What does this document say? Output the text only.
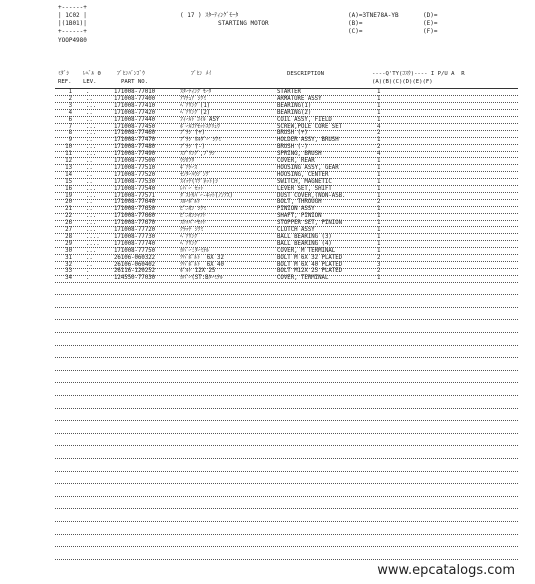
+------+
| 1C02 |
|(1B01)|
+------+
YOOP4980
( 17 ) ｽﾀｰﾃｨﾝｸﾞﾓｰﾀ
STARTING MOTOR
(A)=3TNE78A-YB
(B)=
(C)=
(D)=
(E)=
(F)=
ﾐﾀﾞｼ
REF.
ﾚﾍﾞﾙ 0
LEV.
ﾌﾞﾋﾝﾊﾞﾝｺﾞｳ
PART NO.
ﾌﾞﾋﾝ ﾒｲ	DESCRIPTION	----Q'TY(ｺｽｳ)---- I P/U A  R
(A)(B)(C)(D)(E)(F)
1 .	171008-77010	ｽﾀｰﾃｨﾝｸﾞﾓｰﾀ	STARTER	1
2 ..	171008-77400	ｱﾏﾁｭｱ ｼｸﾐ	ARMATURE ASSY	1
3 ...	171008-77410	ﾍﾞｱﾘﾝｸﾞ(1)	BEARING(1)	1
4 ..	171008-77420	ﾍﾞｱﾘﾝｸﾞ(2)	BEARING(2)	1
6 ..	171008-77440	ﾌｨｰﾙﾄﾞｺｲﾙ ASY	COIL ASSY, FIELD	1
7 ...	171008-77450	ﾎﾞｰﾙｺｱｾｯﾄｽｸﾘｭｳ	SCREW,POLE CORE SET	4
8 ...	171008-77460	ﾌﾞﾗｼ (+)	BRUSH (+)	2
9 ..	171008-77470	ﾌﾞﾗｼ ﾎﾙﾀﾞｰ ｼｸﾐ	HOLDER ASSY, BRUSH	1
10 ...	171008-77480	ﾌﾞﾗｼ (-)	BRUSH (-)	2
11 ...	171008-77490	ｽﾌﾟﾘﾝｸﾞ,ﾌﾞﾗｼ	SPRING, BRUSH	4
12 ..	171008-77500	ｳｼﾛﾌﾀ	COVER, REAR	1
13 ..	171008-77510	ｷﾞｱｹｰｽ	HOUSING ASSY, GEAR	1
14 ..	171008-77520	ｾﾝﾀｰﾊｳｼﾞﾝｸﾞ	HOUSING, CENTER	1
15 ..	171008-77530	ｽｲｯﾁ(ﾏｸﾞﾈｯﾄ)ｼ	SWITCH, MAGNETIC	1
16 ...	171008-77540	ﾚﾊﾞｰ ｾｯﾄ	LEVER SET, SHIFT	1
19 ...	171008-77571	ﾀﾞｽﾄｶﾊﾞｰ-ｷｯﾄ(ﾉﾝｱｽ)	DUST COVER,(NON-ASB.	1
20 ..	171008-77640	ｽﾙｰﾎﾞﾙﾄ	BOLT, THROUGH	2
21 ..	171008-77650	ﾋﾟﾆｵﾝ ｼｸﾐ	PINION ASSY	1
22 ...	171008-77660	ﾋﾟﾆｵﾝｼｬﾌﾄ	SHAFT, PINION	1
26 ...	171008-77670	ｽﾄｯﾊﾟｰｾｯﾄ	STOPPER SET, PINION	1
27 ...	171008-77720	ｸﾗｯﾁ ｼｸﾐ	CLUTCH ASSY	1
28 ....	171008-77730	ﾍﾞｱﾘﾝｸﾞ	BALL BEARING (3)	1
29 ....	171008-77740	ﾍﾞｱﾘﾝｸﾞ	BALL BEARING (4)	1
30 ...	171008-77750	ｶﾊﾞｰ:ﾀｰﾐﾅﾙ	COVER, M TERMINAL	1
31 ..	26106-060322	ﾂﾊﾞﾎﾞﾙﾄ  6X 32	BOLT M 6X 32 PLATED	2
32 ..	26106-060402	ﾂﾊﾞﾎﾞﾙﾄ  6X 40	BOLT M 6X 40 PLATED	3
33 .	26116-120252	ﾎﾞﾙﾄ 12X 25	BOLT M12X 25 PLATED	2
34 .	124550-77030	ｶﾊﾞｰ(ST:Bﾀｰﾐﾅﾙ	COVER, TERMINAL	1
www.epcatalogs.com
